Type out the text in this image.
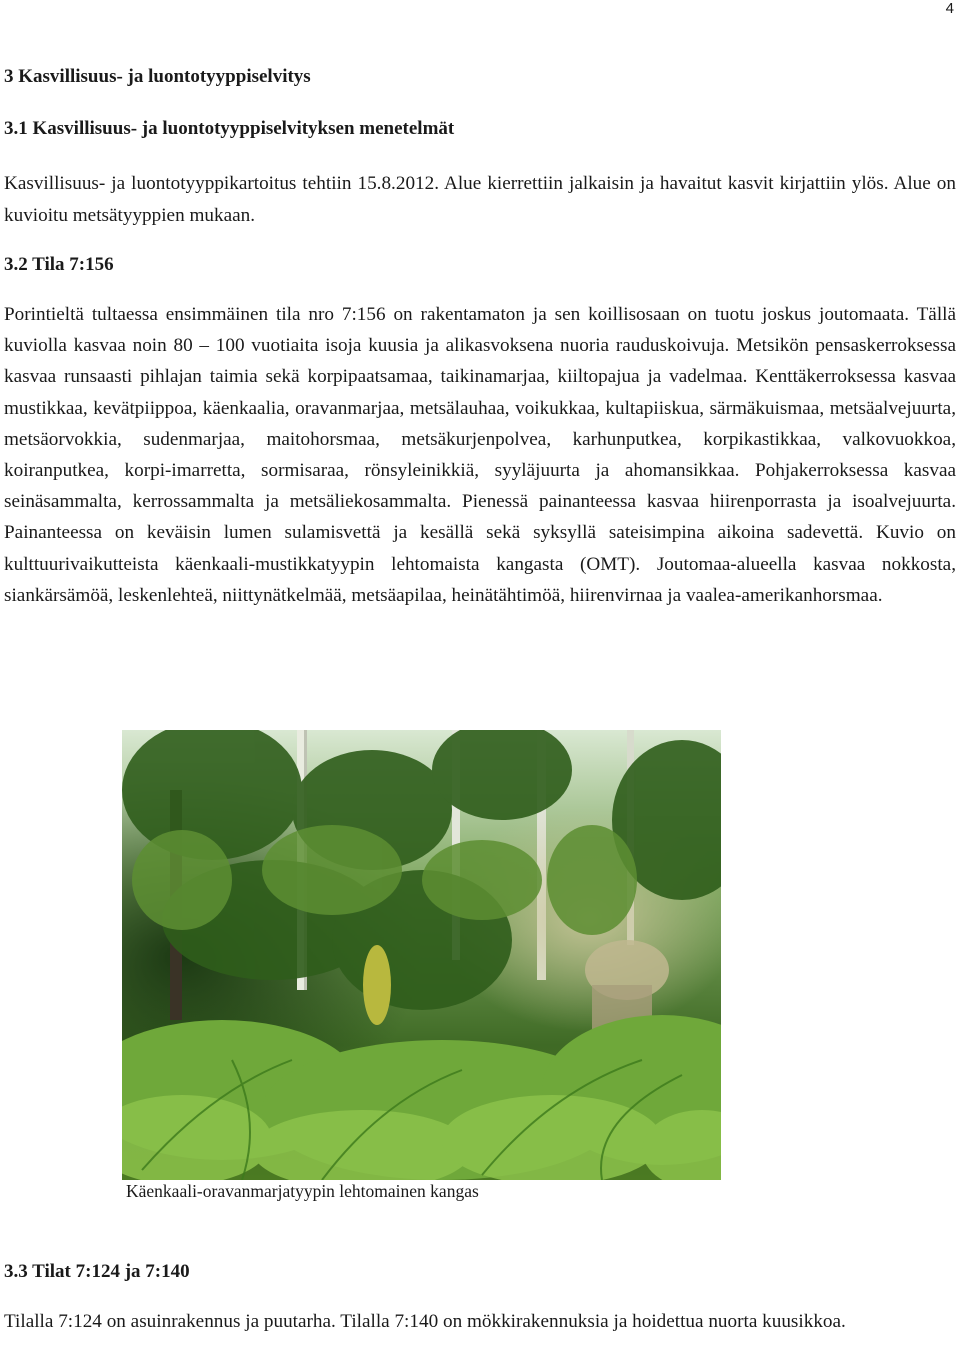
4
3 Kasvillisuus- ja luontotyyppiselvitys
3.1 Kasvillisuus- ja luontotyyppiselvityksen menetelmät

Kasvillisuus- ja luontotyyppikartoitus tehtiin 15.8.2012. Alue kierrettiin jalkaisin ja havaitut kasvit kirjattiin ylös. Alue on kuvioitu metsätyyppien mukaan.

3.2 Tila 7:156

Porintieltä tultaessa ensimmäinen tila nro 7:156 on rakentamaton ja sen koillisosaan on tuotu joskus joutomaata. Tällä kuviolla kasvaa noin 80 – 100 vuotiaita isoja kuusia ja alikasvoksena nuoria rauduskoivuja. Metsikön pensaskerroksessa kasvaa runsaasti pihlajan taimia sekä korpipaatsamaa, taikinamarjaa, kiiltopajua ja vadelmaa. Kenttäkerroksessa kasvaa mustikkaa, kevätpiippoa, käenkaalia, oravanmarjaa, metsälauhaa, voikukkaa, kultapiiskua, särmäkuismaa, metsäalvejuurta, metsäorvokkia, sudenmarjaa, maitohorsmaa, metsäkurjenpolvea, karhunputkea, korpikastikkaa, valkovuokkoa, koiranputkea, korpi-imarretta, sormisaraa, rönsyleinikkiä, syyläjuurta ja ahomansikkaa. Pohjakerroksessa kasvaa seinäsammalta, kerrossammalta ja metsäliekosammalta. Pienessä painanteessa kasvaa hiirenporrasta ja isoalvejuurta. Painanteessa on keväisin lumen sulamisvettä ja kesällä sekä syksyllä sateisimpina aikoina sadevettä. Kuvio on kulttuurivaikutteista käenkaali-mustikkatyypin lehtomaista kangasta (OMT). Joutomaa-alueella kasvaa nokkosta, siankärsämöä, leskenlehteä, niittynätkelmää, metsäapilaa, heinätähtimöä, hiirenvirnaa ja vaalea-amerikanhorsmaa.

Käenkaali-oravanmarjatyypin lehtomainen kangas

3.3 Tilat 7:124 ja 7:140

Tilalla 7:124 on asuinrakennus ja puutarha. Tilalla 7:140 on mökkirakennuksia ja hoidettua nuorta kuusikkoa.
